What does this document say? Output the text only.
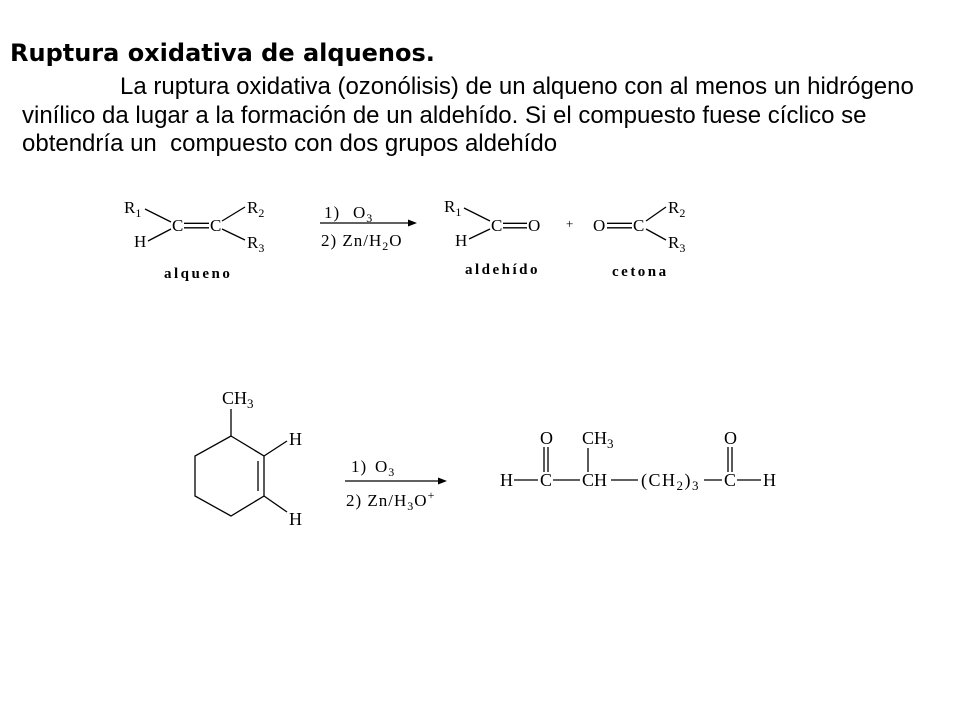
$R_1$
H
C C
$R_2$
$R_3$
alqueno
1) $O_3$
2) $Zn/H_2O$
$R_1$
H
C O
aldehído
+ O C
$R_2$
$R_3$
cetona
$CH_3$
H
H
1) $O_3$
2) $Zn/H_3O^+$
H C
O
CH
$CH_3$
$(CH_2)_3$ C
O
H
Ruptura oxidativa de alquenos.
La ruptura oxidativa (ozonólisis) de un alqueno con al menos un hidrógeno
vinílico da lugar a la formación de un aldehído. Si el compuesto fuese cíclico se
obtendría un  compuesto con dos grupos aldehído
